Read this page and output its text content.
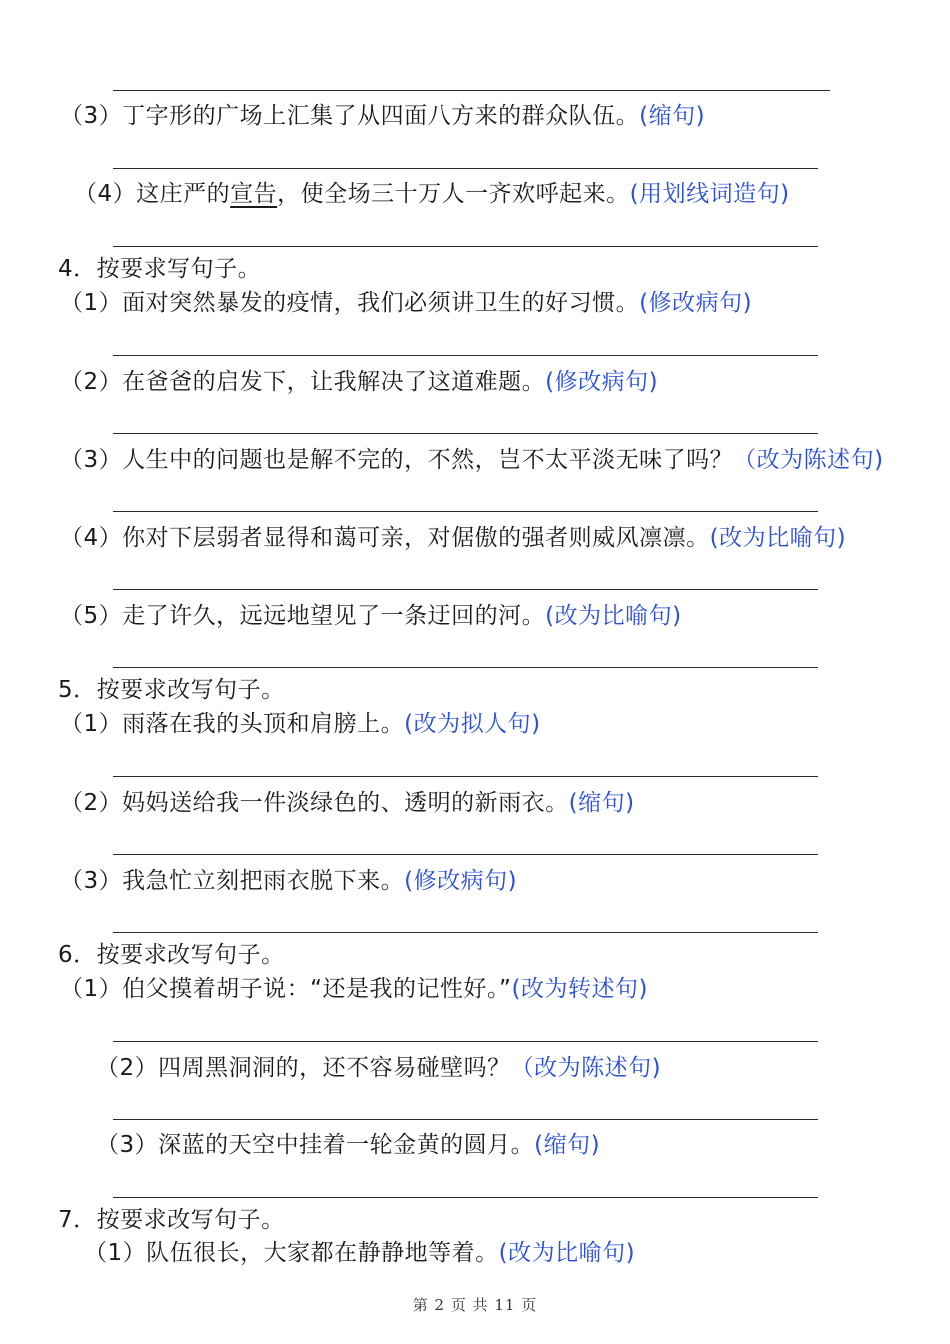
（3）丁字形的广场上汇集了从四面八方来的群众队伍。(缩句)
（4）这庄严的宣告，使全场三十万人一齐欢呼起来。(用划线词造句)
4．按要求写句子。
（1）面对突然暴发的疫情，我们必须讲卫生的好习惯。(修改病句)
（2）在爸爸的启发下，让我解决了这道难题。(修改病句)
（3）人生中的问题也是解不完的，不然，岂不太平淡无味了吗？（改为陈述句)
（4）你对下层弱者显得和蔼可亲，对倨傲的强者则威风凛凛。(改为比喻句)
（5）走了许久，远远地望见了一条迂回的河。(改为比喻句)
5．按要求改写句子。
（1）雨落在我的头顶和肩膀上。(改为拟人句)
（2）妈妈送给我一件淡绿色的、透明的新雨衣。(缩句)
（3）我急忙立刻把雨衣脱下来。(修改病句)
6．按要求改写句子。
（1）伯父摸着胡子说：“还是我的记性好。”(改为转述句)
（2）四周黑洞洞的，还不容易碰壁吗？（改为陈述句)
（3）深蓝的天空中挂着一轮金黄的圆月。(缩句)
7．按要求改写句子。
（1）队伍很长，大家都在静静地等着。(改为比喻句)
第 2 页 共 11 页
